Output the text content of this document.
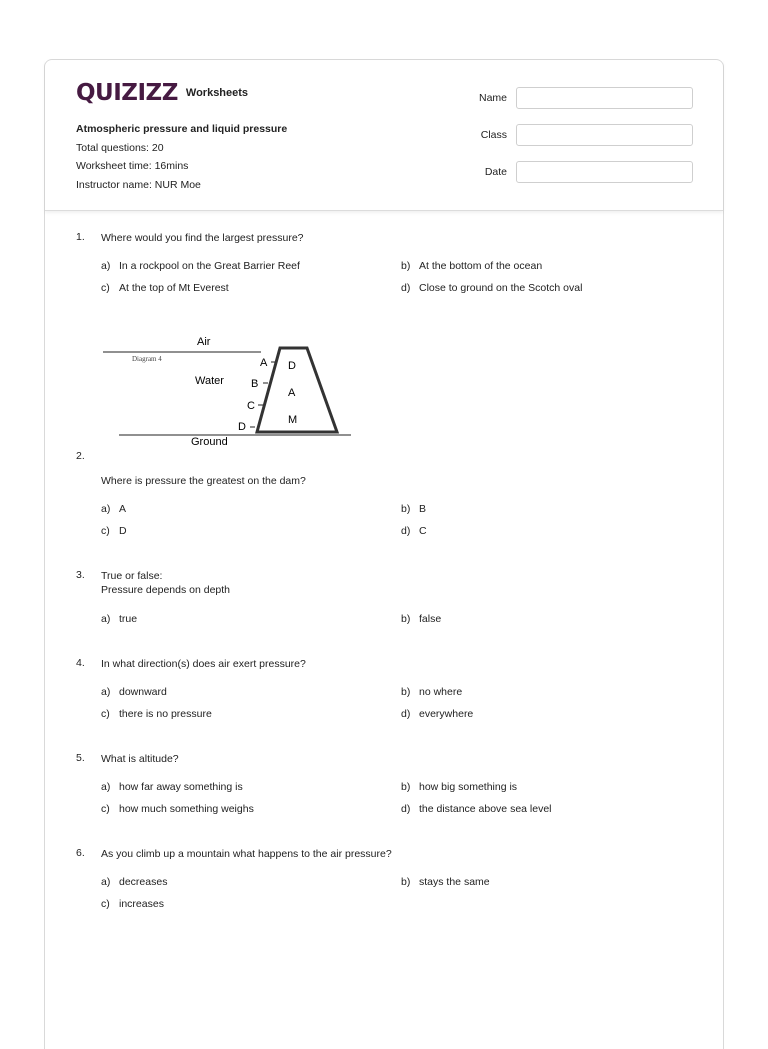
QUIZIZZ Worksheets
Atmospheric pressure and liquid pressure
Total questions: 20
Worksheet time: 16mins
Instructor name: NUR Moe
Name
Class
Date
1.	Where would you find the largest pressure?
a) In a rockpool on the Great Barrier Reef	b) At the bottom of the ocean
c) At the top of Mt Everest	d) Close to ground on the Scotch oval
Air
Diagram 4
Water
Ground
A
B
C
D
D
A
M
2.
Where is pressure the greatest on the dam?
a) A	b) B
c) D	d) C
3.	True or false:
Pressure depends on depth
a) true	b) false
4.	In what direction(s) does air exert pressure?
a) downward	b) no where
c) there is no pressure	d) everywhere
5.	What is altitude?
a) how far away something is	b) how big something is
c) how much something weighs	d) the distance above sea level
6.	As you climb up a mountain what happens to the air pressure?
a) decreases	b) stays the same
c) increases
